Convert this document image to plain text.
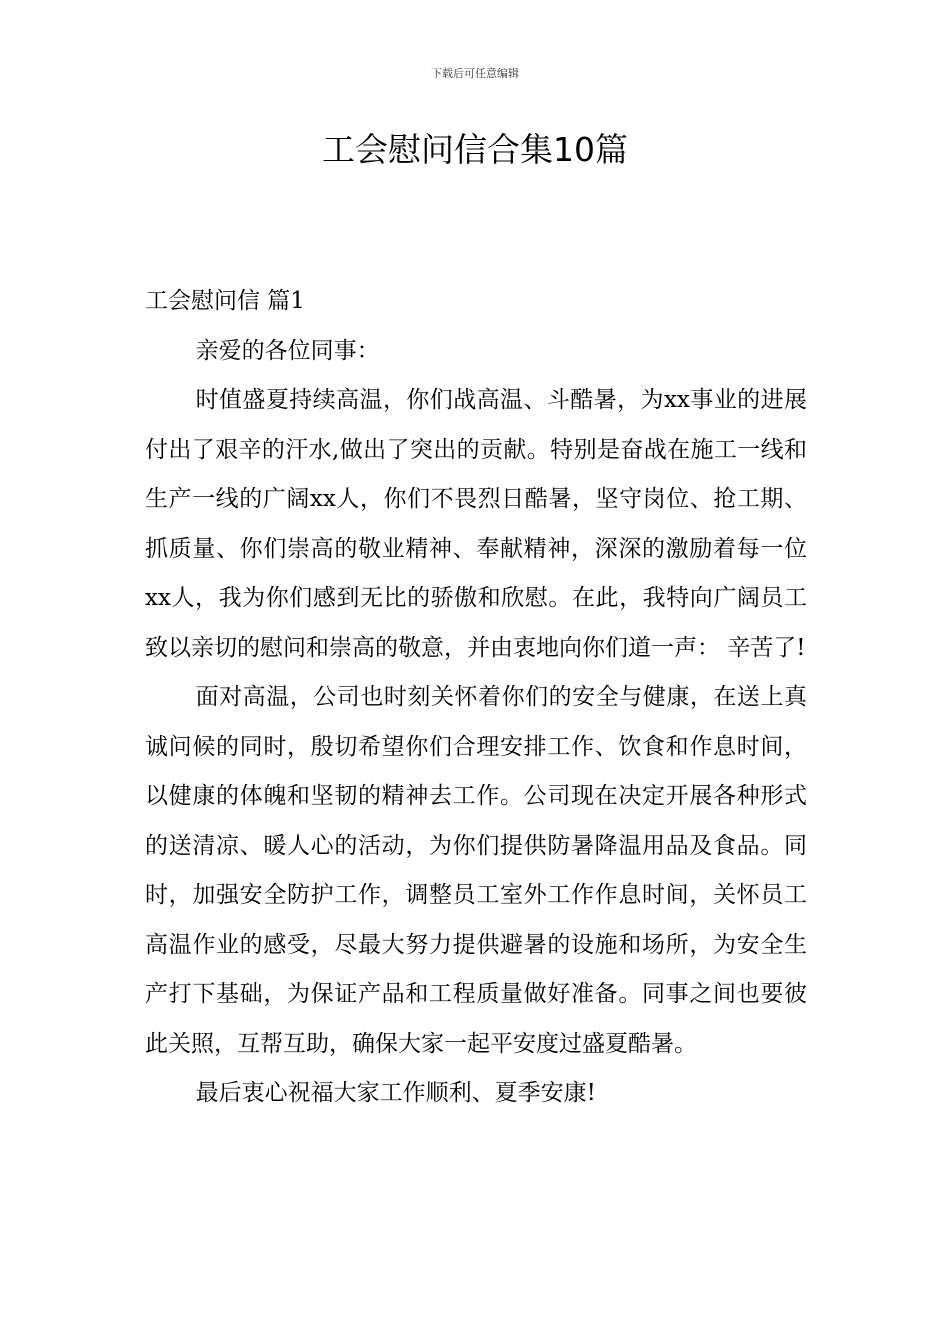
下载后可任意编辑
工会慰问信合集10篇

工会慰问信 篇1

亲爱的各位同事：

时值盛夏持续高温，你们战高温、斗酷暑，为xx事业的进展付出了艰辛的汗水,做出了突出的贡献。特别是奋战在施工一线和生产一线的广阔xx人，你们不畏烈日酷暑，坚守岗位、抢工期、抓质量、你们崇高的敬业精神、奉献精神，深深的激励着每一位xx人，我为你们感到无比的骄傲和欣慰。在此，我特向广阔员工致以亲切的慰问和崇高的敬意，并由衷地向你们道一声： 辛苦了!

面对高温，公司也时刻关怀着你们的安全与健康，在送上真诚问候的同时，殷切希望你们合理安排工作、饮食和作息时间，以健康的体魄和坚韧的精神去工作。公司现在决定开展各种形式的送清凉、暖人心的活动，为你们提供防暑降温用品及食品。同时，加强安全防护工作，调整员工室外工作作息时间，关怀员工高温作业的感受，尽最大努力提供避暑的设施和场所，为安全生产打下基础，为保证产品和工程质量做好准备。同事之间也要彼此关照，互帮互助，确保大家一起平安度过盛夏酷暑。

最后衷心祝福大家工作顺利、夏季安康!
